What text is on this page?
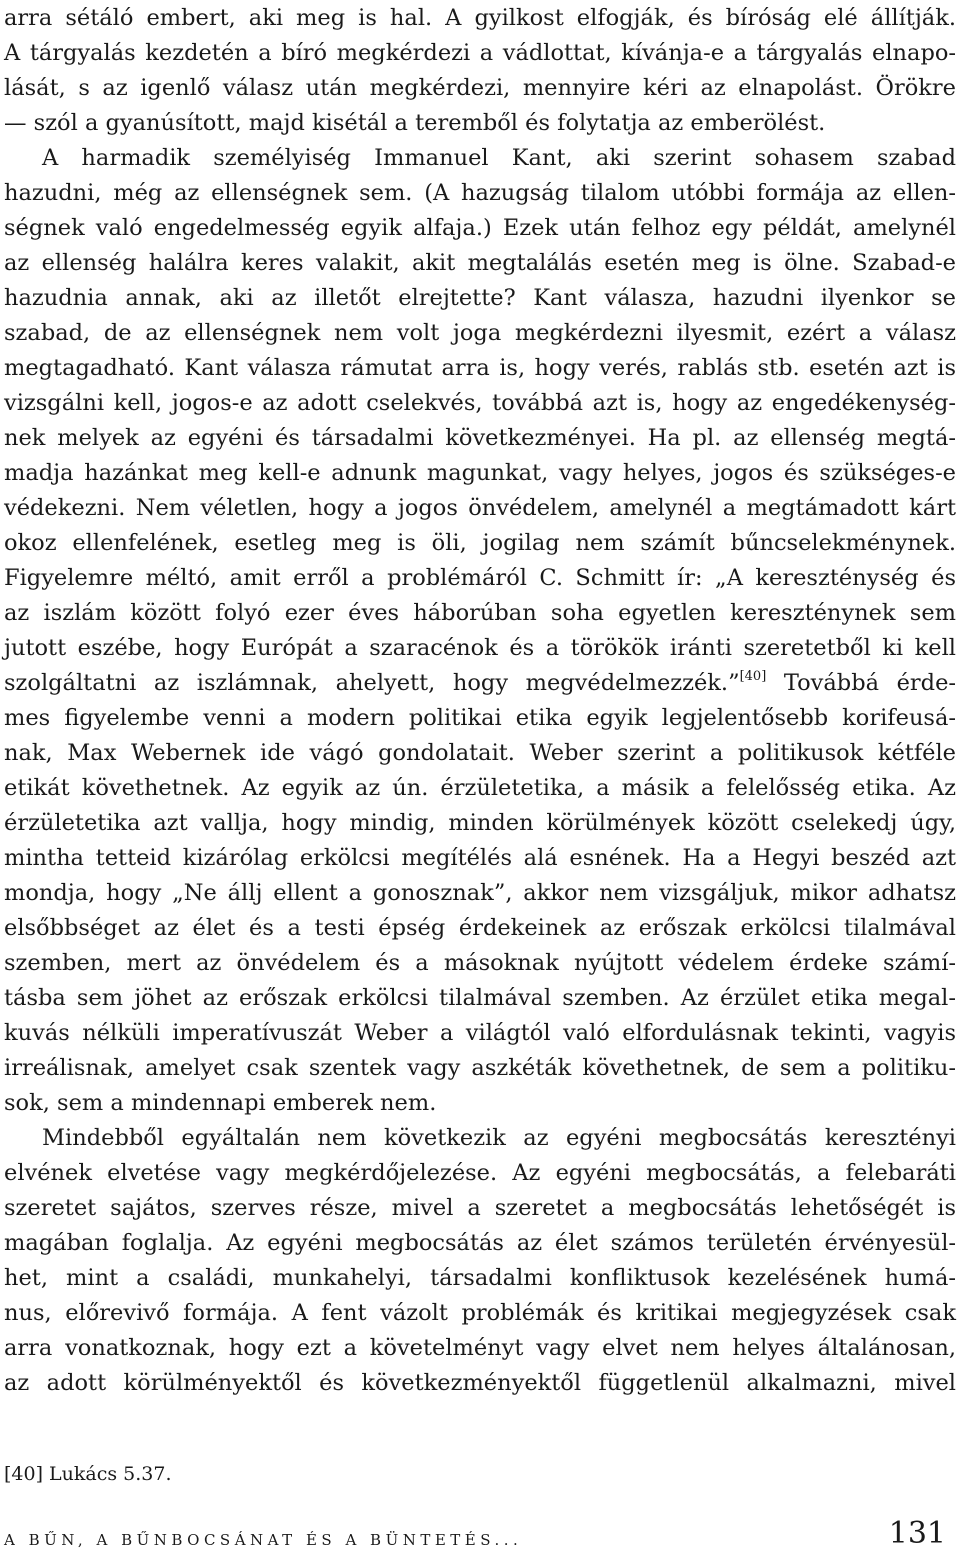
arra sétáló embert, aki meg is hal. A gyilkost elfogják, és bíróság elé állítják.
A tárgyalás kezdetén a bíró megkérdezi a vádlottat, kívánja-e a tárgyalás elnapo-
lását, s az igenlő válasz után megkérdezi, mennyire kéri az elnapolást. Örökre
— szól a gyanúsított, majd kisétál a teremből és folytatja az emberölést.
A harmadik személyiség Immanuel Kant, aki szerint sohasem szabad
hazudni, még az ellenségnek sem. (A hazugság tilalom utóbbi formája az ellen-
ségnek való engedelmesség egyik alfaja.) Ezek után felhoz egy példát, amelynél
az ellenség halálra keres valakit, akit megtalálás esetén meg is ölne. Szabad-e
hazudnia annak, aki az illetőt elrejtette? Kant válasza, hazudni ilyenkor se
szabad, de az ellenségnek nem volt joga megkérdezni ilyesmit, ezért a válasz
megtagadható. Kant válasza rámutat arra is, hogy verés, rablás stb. esetén azt is
vizsgálni kell, jogos-e az adott cselekvés, továbbá azt is, hogy az engedékenység-
nek melyek az egyéni és társadalmi következményei. Ha pl. az ellenség megtá-
madja hazánkat meg kell-e adnunk magunkat, vagy helyes, jogos és szükséges-e
védekezni. Nem véletlen, hogy a jogos önvédelem, amelynél a megtámadott kárt
okoz ellenfelének, esetleg meg is öli, jogilag nem számít bűncselekménynek.
Figyelemre méltó, amit erről a problémáról C. Schmitt ír: „A kereszténység és
az iszlám között folyó ezer éves háborúban soha egyetlen kereszténynek sem
jutott eszébe, hogy Európát a szaracénok és a törökök iránti szeretetből ki kell
szolgáltatni az iszlámnak, ahelyett, hogy megvédelmezzék.”[40] Továbbá érde-
mes figyelembe venni a modern politikai etika egyik legjelentősebb korifeusá-
nak, Max Webernek ide vágó gondolatait. Weber szerint a politikusok kétféle
etikát követhetnek. Az egyik az ún. érzületetika, a másik a felelősség etika. Az
érzületetika azt vallja, hogy mindig, minden körülmények között cselekedj úgy,
mintha tetteid kizárólag erkölcsi megítélés alá esnének. Ha a Hegyi beszéd azt
mondja, hogy „Ne állj ellent a gonosznak”, akkor nem vizsgáljuk, mikor adhatsz
elsőbbséget az élet és a testi épség érdekeinek az erőszak erkölcsi tilalmával
szemben, mert az önvédelem és a másoknak nyújtott védelem érdeke számí-
tásba sem jöhet az erőszak erkölcsi tilalmával szemben. Az érzület etika megal-
kuvás nélküli imperatívuszát Weber a világtól való elfordulásnak tekinti, vagyis
irreálisnak, amelyet csak szentek vagy aszkéták követhetnek, de sem a politiku-
sok, sem a mindennapi emberek nem.
Mindebből egyáltalán nem következik az egyéni megbocsátás keresztényi
elvének elvetése vagy megkérdőjelezése. Az egyéni megbocsátás, a felebaráti
szeretet sajátos, szerves része, mivel a szeretet a megbocsátás lehetőségét is
magában foglalja. Az egyéni megbocsátás az élet számos területén érvényesül-
het, mint a családi, munkahelyi, társadalmi konfliktusok kezelésének humá-
nus, előrevivő formája. A fent vázolt problémák és kritikai megjegyzések csak
arra vonatkoznak, hogy ezt a követelményt vagy elvet nem helyes általánosan,
az adott körülményektől és következményektől függetlenül alkalmazni, mivel
[40] Lukács 5.37.
A BŰN, A BŰNBOCSÁNAT ÉS A BÜNTETÉS...	131
